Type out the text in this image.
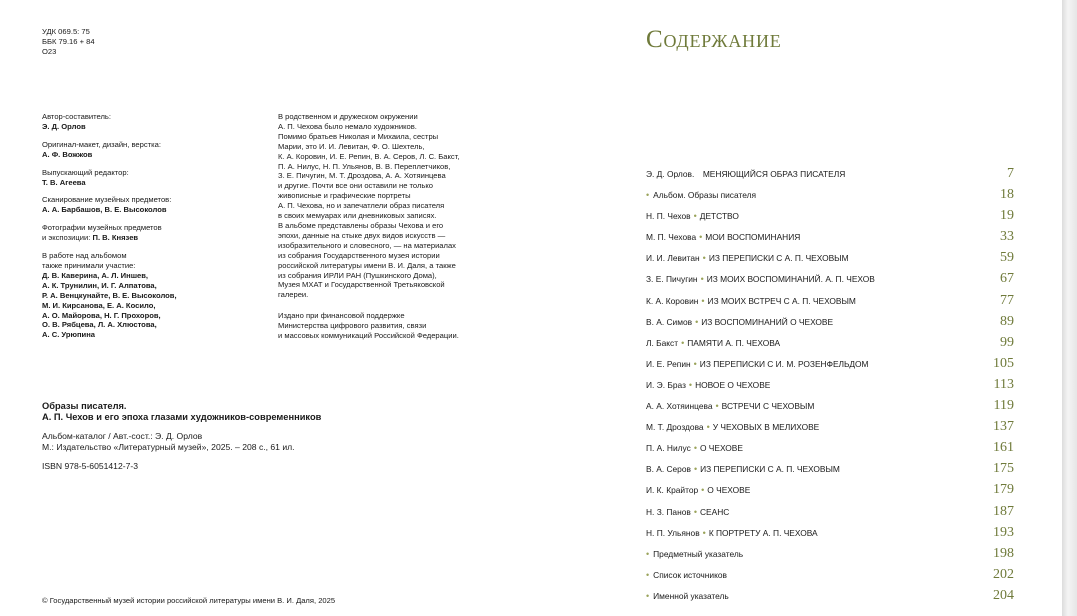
УДК 069.5: 75
ББК 79.16 + 84
О23
Автор-составитель:
Э. Д. Орлов
Оригинал-макет, дизайн, верстка:
А. Ф. Вожжов
Выпускающий редактор:
Т. В. Агеева
Сканирование музейных предметов:
А. А. Барбашов, В. Е. Высоколов
Фотографии музейных предметов
и экспозиции: П. В. Князев
В работе над альбомом
также принимали участие:
Д. В. Каверина, А. Л. Иншев,
А. К. Трунилин, И. Г. Алпатова,
Р. А. Венцкунайте, В. Е. Высоколов,
М. И. Кирсанова, Е. А. Косило,
А. О. Майорова, Н. Г. Прохоров,
О. В. Рябцева, Л. А. Хлюстова,
А. С. Урюпина

В родственном и дружеском окружении
А. П. Чехова было немало художников.
Помимо братьев Николая и Михаила, сестры
Марии, это И. И. Левитан, Ф. О. Шехтель,
К. А. Коровин, И. Е. Репин, В. А. Серов, Л. С. Бакст,
П. А. Нилус, Н. П. Ульянов, В. В. Переплетчиков,
З. Е. Пичугин, М. Т. Дроздова, А. А. Хотяинцева
и другие. Почти все они оставили не только
живописные и графические портреты
А. П. Чехова, но и запечатлели образ писателя
в своих мемуарах или дневниковых записях.
В альбоме представлены образы Чехова и его
эпохи, данные на стыке двух видов искусств —
изобразительного и словесного, — на материалах
из собрания Государственного музея истории
российской литературы имени В. И. Даля, а также
из собрания ИРЛИ РАН (Пушкинского Дома),
Музея МХАТ и Государственной Третьяковской
галереи.

Издано при финансовой поддержке
Министерства цифрового развития, связи
и массовых коммуникаций Российской Федерации.

Образы писателя.
А. П. Чехов и его эпоха глазами художников-современников
Альбом-каталог / Авт.-сост.: Э. Д. Орлов
М.: Издательство «Литературный музей», 2025. – 208 с., 61 ил.
ISBN 978-5-6051412-7-3
© Государственный музей истории российской литературы имени В. И. Даля, 2025
Содержание
Э. Д. Орлов. МЕНЯЮЩИЙСЯ ОБРАЗ ПИСАТЕЛЯ	7
• Альбом. Образы писателя	18
Н. П. Чехов • ДЕТСТВО	19
М. П. Чехова • МОИ ВОСПОМИНАНИЯ	33
И. И. Левитан • ИЗ ПЕРЕПИСКИ С А. П. ЧЕХОВЫМ	59
З. Е. Пичугин • ИЗ МОИХ ВОСПОМИНАНИЙ. А. П. ЧЕХОВ	67
К. А. Коровин • ИЗ МОИХ ВСТРЕЧ С А. П. ЧЕХОВЫМ	77
В. А. Симов • ИЗ ВОСПОМИНАНИЙ О ЧЕХОВЕ	89
Л. Бакст • ПАМЯТИ А. П. ЧЕХОВА	99
И. Е. Репин • ИЗ ПЕРЕПИСКИ С И. М. РОЗЕНФЕЛЬДОМ	105
И. Э. Браз • НОВОЕ О ЧЕХОВЕ	113
А. А. Хотяинцева • ВСТРЕЧИ С ЧЕХОВЫМ	119
М. Т. Дроздова • У ЧЕХОВЫХ В МЕЛИХОВЕ	137
П. А. Нилус • О ЧЕХОВЕ	161
В. А. Серов • ИЗ ПЕРЕПИСКИ С А. П. ЧЕХОВЫМ	175
И. К. Крайтор • О ЧЕХОВЕ	179
Н. З. Панов • СЕАНС	187
Н. П. Ульянов • К ПОРТРЕТУ А. П. ЧЕХОВА	193
• Предметный указатель	198
• Список источников	202
• Именной указатель	204
